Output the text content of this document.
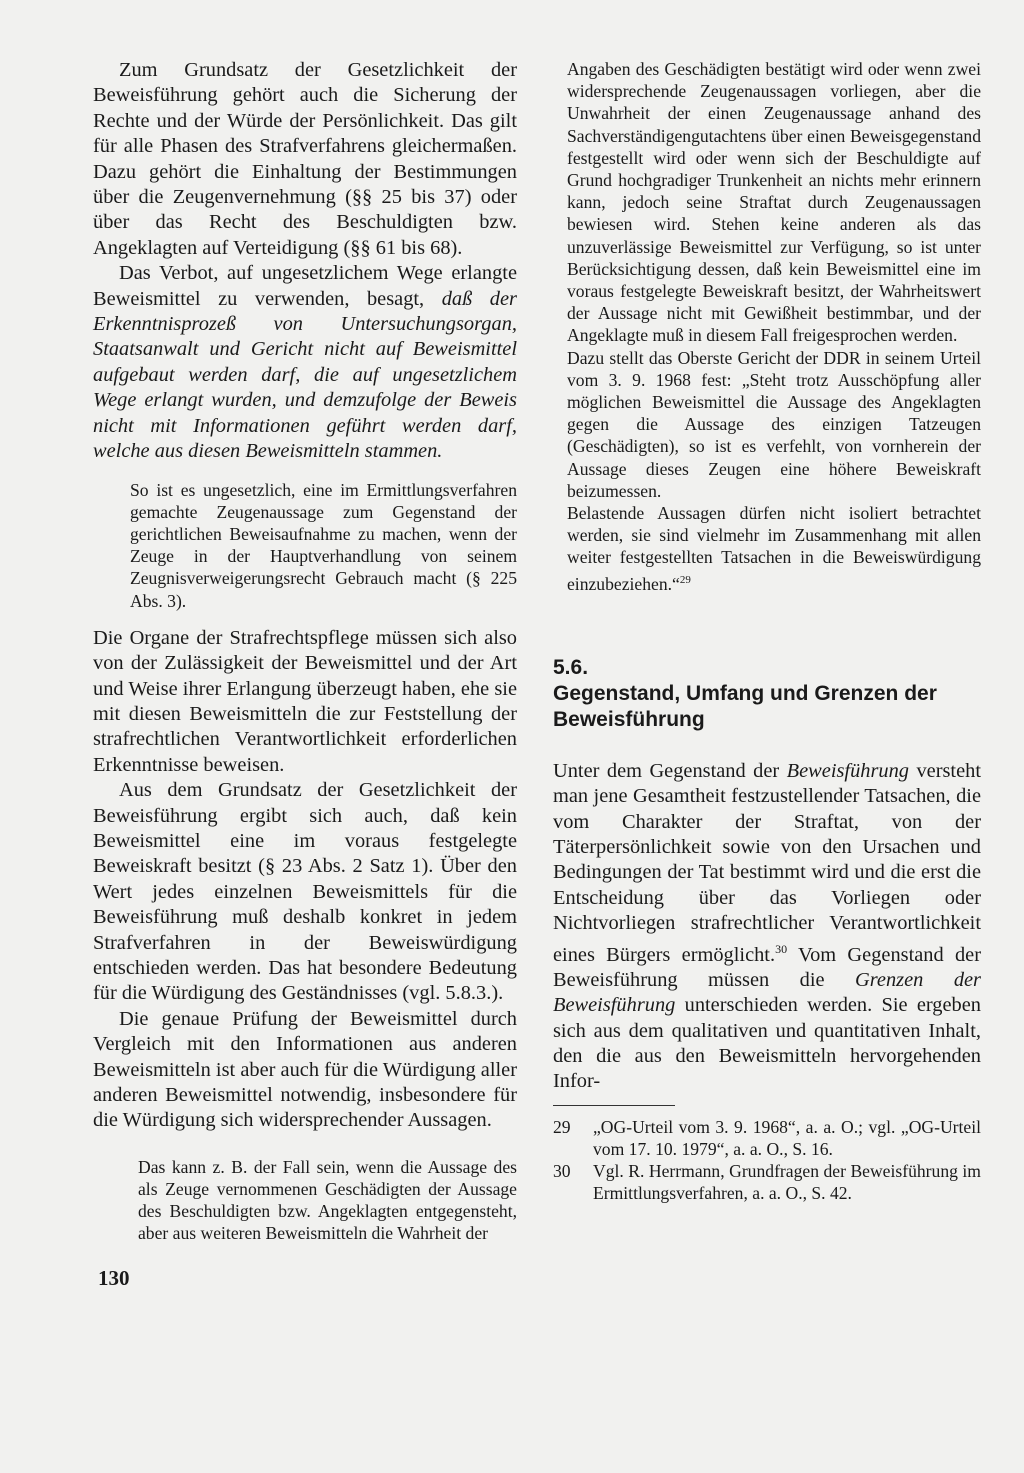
Zum Grundsatz der Gesetzlichkeit der Beweisführung gehört auch die Sicherung der Rechte und der Würde der Persönlichkeit. Das gilt für alle Phasen des Strafverfahrens gleichermaßen. Dazu gehört die Einhaltung der Bestimmungen über die Zeugenvernehmung (§§ 25 bis 37) oder über das Recht des Beschuldigten bzw. Angeklagten auf Verteidigung (§§ 61 bis 68).

Das Verbot, auf ungesetzlichem Wege erlangte Beweismittel zu verwenden, besagt, daß der Erkenntnisprozeß von Untersuchungsorgan, Staatsanwalt und Gericht nicht auf Beweismittel aufgebaut werden darf, die auf ungesetzlichem Wege erlangt wurden, und demzufolge der Beweis nicht mit Informationen geführt werden darf, welche aus diesen Beweismitteln stammen.

So ist es ungesetzlich, eine im Ermittlungsverfahren gemachte Zeugenaussage zum Gegenstand der gerichtlichen Beweisaufnahme zu machen, wenn der Zeuge in der Hauptverhandlung von seinem Zeugnisverweigerungsrecht Gebrauch macht (§ 225 Abs. 3).

Die Organe der Strafrechtspflege müssen sich also von der Zulässigkeit der Beweismittel und der Art und Weise ihrer Erlangung überzeugt haben, ehe sie mit diesen Beweismitteln die zur Feststellung der strafrechtlichen Verantwortlichkeit erforderlichen Erkenntnisse beweisen.

Aus dem Grundsatz der Gesetzlichkeit der Beweisführung ergibt sich auch, daß kein Beweismittel eine im voraus festgelegte Beweiskraft besitzt (§ 23 Abs. 2 Satz 1). Über den Wert jedes einzelnen Beweismittels für die Beweisführung muß deshalb konkret in jedem Strafverfahren in der Beweiswürdigung entschieden werden. Das hat besondere Bedeutung für die Würdigung des Geständnisses (vgl. 5.8.3.).

Die genaue Prüfung der Beweismittel durch Vergleich mit den Informationen aus anderen Beweismitteln ist aber auch für die Würdigung aller anderen Beweismittel notwendig, insbesondere für die Würdigung sich widersprechender Aussagen.

Das kann z. B. der Fall sein, wenn die Aussage des als Zeuge vernommenen Geschädigten der Aussage des Beschuldigten bzw. Angeklagten entgegensteht, aber aus weiteren Beweismitteln die Wahrheit der

Angaben des Geschädigten bestätigt wird oder wenn zwei widersprechende Zeugenaussagen vorliegen, aber die Unwahrheit der einen Zeugenaussage anhand des Sachverständigengutachtens über einen Beweisgegenstand festgestellt wird oder wenn sich der Beschuldigte auf Grund hochgradiger Trunkenheit an nichts mehr erinnern kann, jedoch seine Straftat durch Zeugenaussagen bewiesen wird. Stehen keine anderen als das unzuverlässige Beweismittel zur Verfügung, so ist unter Berücksichtigung dessen, daß kein Beweismittel eine im voraus festgelegte Beweiskraft besitzt, der Wahrheitswert der Aussage nicht mit Gewißheit bestimmbar, und der Angeklagte muß in diesem Fall freigesprochen werden.

Dazu stellt das Oberste Gericht der DDR in seinem Urteil vom 3. 9. 1968 fest: „Steht trotz Ausschöpfung aller möglichen Beweismittel die Aussage des Angeklagten gegen die Aussage des einzigen Tatzeugen (Geschädigten), so ist es verfehlt, von vornherein der Aussage dieses Zeugen eine höhere Beweiskraft beizumessen.

Belastende Aussagen dürfen nicht isoliert betrachtet werden, sie sind vielmehr im Zusammenhang mit allen weiter festgestellten Tatsachen in die Beweiswürdigung einzubeziehen.“$^{29}$

5.6.
Gegenstand, Umfang und Grenzen der Beweisführung

Unter dem Gegenstand der Beweisführung versteht man jene Gesamtheit festzustellender Tatsachen, die vom Charakter der Straftat, von der Täterpersönlichkeit sowie von den Ursachen und Bedingungen der Tat bestimmt wird und die erst die Entscheidung über das Vorliegen oder Nichtvorliegen strafrechtlicher Verantwortlichkeit eines Bürgers ermöglicht.$^{30}$ Vom Gegenstand der Beweisführung müssen die Grenzen der Beweisführung unterschieden werden. Sie ergeben sich aus dem qualitativen und quantitativen Inhalt, den die aus den Beweismitteln hervorgehenden Infor-

29	„OG-Urteil vom 3. 9. 1968“, a. a. O.; vgl. „OG-Urteil vom 17. 10. 1979“, a. a. O., S. 16.
30	Vgl. R. Herrmann, Grundfragen der Beweisführung im Ermittlungsverfahren, a. a. O., S. 42.
130
